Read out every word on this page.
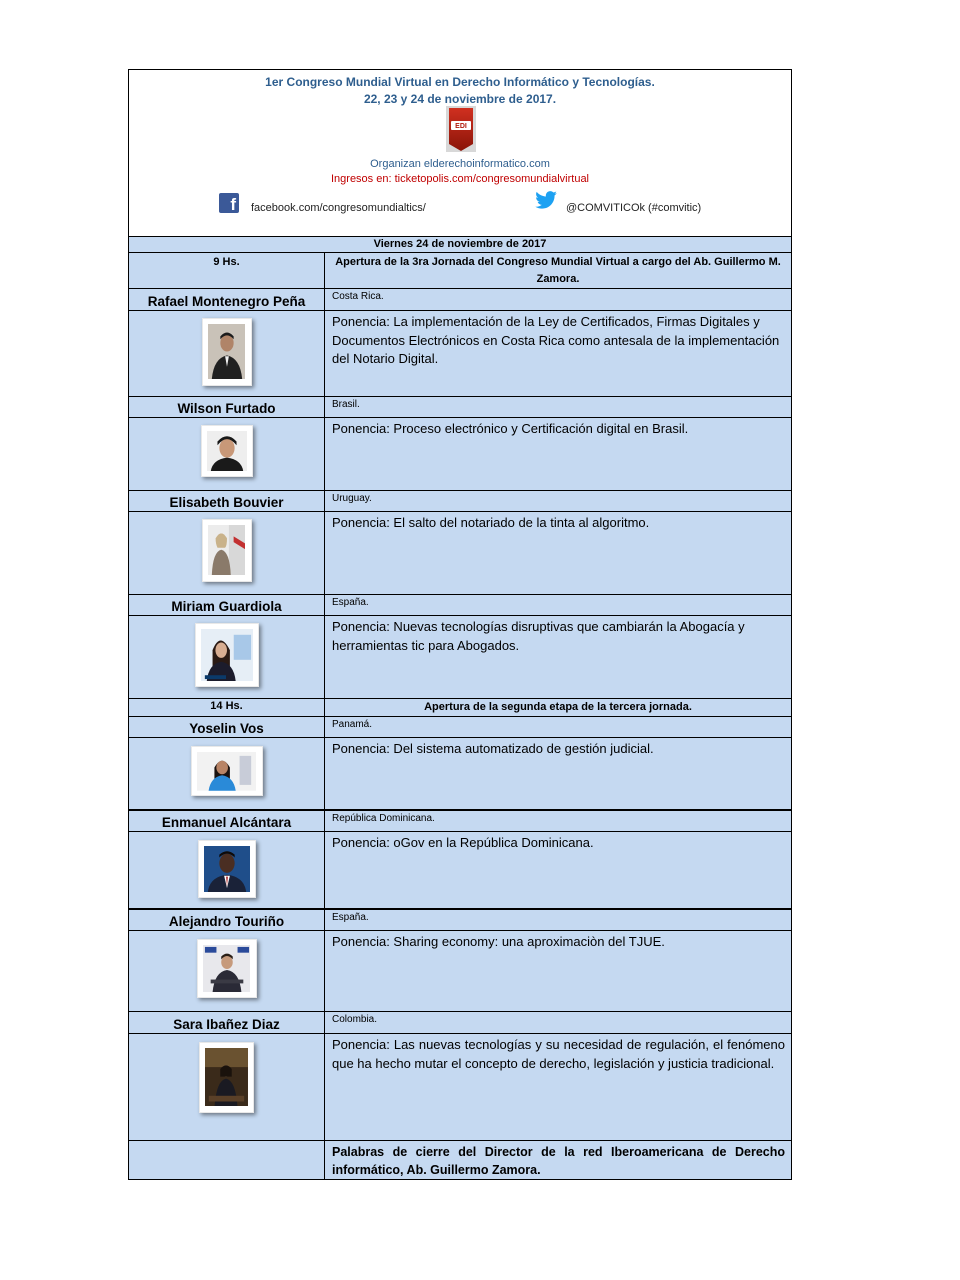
1er Congreso Mundial Virtual en Derecho Informático y Tecnologías.
22, 23 y 24 de noviembre de 2017.
EDI
Organizan elderechoinformatico.com
Ingresos en: ticketopolis.com/congresomundialvirtual
f facebook.com/congresomundialtics/	@COMVITICOk (#comvitic)
Viernes 24 de noviembre de 2017
9 Hs.	Apertura de la 3ra Jornada del Congreso Mundial Virtual a cargo del Ab. Guillermo M. Zamora.
Rafael Montenegro Peña	Costa Rica.
Ponencia: La implementación de la Ley de Certificados, Firmas Digitales y Documentos Electrónicos en Costa Rica como antesala de la implementación del Notario Digital.
Wilson Furtado	Brasil.
Ponencia: Proceso electrónico y Certificación digital en Brasil.
Elisabeth Bouvier	Uruguay.
Ponencia: El salto del notariado de la tinta al algoritmo.
Miriam Guardiola	España.
Ponencia: Nuevas tecnologías disruptivas que cambiarán la Abogacía y herramientas tic para Abogados.
14 Hs.	Apertura de la segunda etapa de la tercera jornada.
Yoselin Vos	Panamá.
Ponencia: Del sistema automatizado de gestión judicial.
Enmanuel Alcántara	República Dominicana.
Ponencia: oGov en la República Dominicana.
Alejandro Touriño	España.
Ponencia: Sharing economy: una aproximaciòn del TJUE.
Sara Ibañez Diaz	Colombia.
Ponencia: Las nuevas tecnologías y su necesidad de regulación, el fenómeno que ha hecho mutar el concepto de derecho, legislación y justicia tradicional.
Palabras de cierre del Director de la red Iberoamericana de Derecho informático, Ab. Guillermo Zamora.
